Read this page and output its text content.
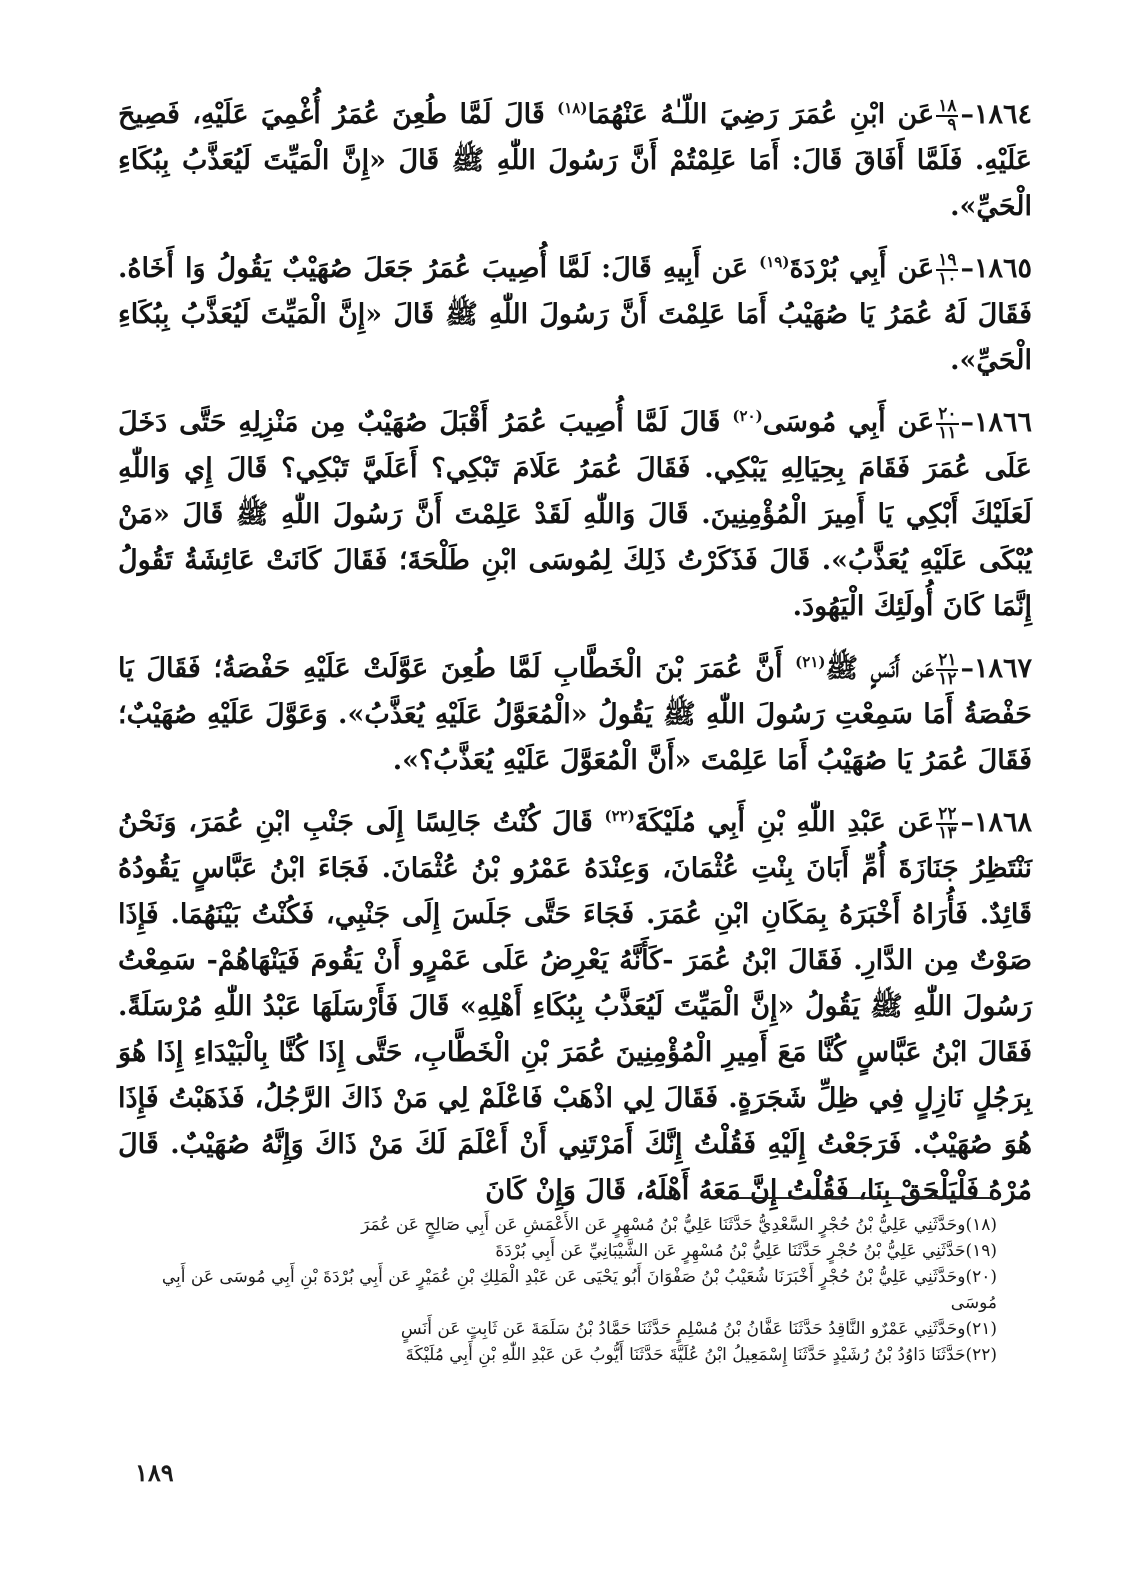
١٨٦٤–
$\frac{١٨}{٩}$
عَن ابْنِ عُمَرَ رَضِيَ اللّـٰهُ عَنْهُمَا$^{(١٨)}$ قَالَ لَمَّا طُعِنَ عُمَرُ أُغْمِيَ عَلَيْهِ، فَصِيحَ عَلَيْهِ. فَلَمَّا أَفَاقَ قَالَ: أَمَا عَلِمْتُمْ أَنَّ رَسُولَ اللّٰهِ ﷺ قَالَ «إِنَّ الْمَيِّتَ لَيُعَذَّبُ بِبُكَاءِ الْحَيِّ».

١٨٦٥–
$\frac{١٩}{١٠}$
عَن أَبِي بُرْدَةَ$^{(١٩)}$ عَن أَبِيهِ قَالَ: لَمَّا أُصِيبَ عُمَرُ جَعَلَ صُهَيْبٌ يَقُولُ وَا أَخَاهُ. فَقَالَ لَهُ عُمَرُ يَا صُهَيْبُ أَمَا عَلِمْتَ أَنَّ رَسُولَ اللّٰهِ ﷺ قَالَ «إِنَّ الْمَيِّتَ لَيُعَذَّبُ بِبُكَاءِ الْحَيِّ».

١٨٦٦–
$\frac{٢٠}{١١}$
عَن أَبِي مُوسَى$^{(٢٠)}$ قَالَ لَمَّا أُصِيبَ عُمَرُ أَقْبَلَ صُهَيْبٌ مِن مَنْزِلِهِ حَتَّى دَخَلَ عَلَى عُمَرَ فَقَامَ بِحِيَالِهِ يَبْكِي. فَقَالَ عُمَرُ عَلَامَ تَبْكِي؟ أَعَلَيَّ تَبْكِي؟ قَالَ إِي وَاللّٰهِ لَعَلَيْكَ أَبْكِي يَا أَمِيرَ الْمُؤْمِنِينَ. قَالَ وَاللّٰهِ لَقَدْ عَلِمْتَ أَنَّ رَسُولَ اللّٰهِ ﷺ قَالَ «مَنْ يُبْكَى عَلَيْهِ يُعَذَّبُ». قَالَ فَذَكَرْتُ ذَلِكَ لِمُوسَى ابْنِ طَلْحَةَ؛ فَقَالَ كَانَتْ عَائِشَةُ تَقُولُ إِنَّمَا كَانَ أُولَئِكَ الْيَهُودَ.

١٨٦٧–
$\frac{٢١}{١٢}$
عَن أَنَسٍ ﷺ$^{(٢١)}$ أَنَّ عُمَرَ بْنَ الْخَطَّابِ لَمَّا طُعِنَ عَوَّلَتْ عَلَيْهِ حَفْصَةُ؛ فَقَالَ يَا حَفْصَةُ أَمَا سَمِعْتِ رَسُولَ اللّٰهِ ﷺ يَقُولُ «الْمُعَوَّلُ عَلَيْهِ يُعَذَّبُ». وَعَوَّلَ عَلَيْهِ صُهَيْبٌ؛ فَقَالَ عُمَرُ يَا صُهَيْبُ أَمَا عَلِمْتَ «أَنَّ الْمُعَوَّلَ عَلَيْهِ يُعَذَّبُ؟».

١٨٦٨–
$\frac{٢٢}{١٣}$
عَن عَبْدِ اللّٰهِ بْنِ أَبِي مُلَيْكَةَ$^{(٢٢)}$ قَالَ كُنْتُ جَالِسًا إِلَى جَنْبِ ابْنِ عُمَرَ، وَنَحْنُ نَنْتَظِرُ جَنَازَةَ أُمِّ أَبَانَ بِنْتِ عُثْمَانَ، وَعِنْدَهُ عَمْرُو بْنُ عُثْمَانَ. فَجَاءَ ابْنُ عَبَّاسٍ يَقُودُهُ قَائِدٌ. فَأُرَاهُ أَخْبَرَهُ بِمَكَانِ ابْنِ عُمَرَ. فَجَاءَ حَتَّى جَلَسَ إِلَى جَنْبِي، فَكُنْتُ بَيْنَهُمَا. فَإِذَا صَوْتٌ مِن الدَّارِ. فَقَالَ ابْنُ عُمَرَ -كَأَنَّهُ يَعْرِضُ عَلَى عَمْرٍو أَنْ يَقُومَ فَيَنْهَاهُمْ- سَمِعْتُ رَسُولَ اللّٰهِ ﷺ يَقُولُ «إِنَّ الْمَيِّتَ لَيُعَذَّبُ بِبُكَاءِ أَهْلِهِ» قَالَ فَأَرْسَلَهَا عَبْدُ اللّٰهِ مُرْسَلَةً. فَقَالَ ابْنُ عَبَّاسٍ كُنَّا مَعَ أَمِيرِ الْمُؤْمِنِينَ عُمَرَ بْنِ الْخَطَّابِ، حَتَّى إِذَا كُنَّا بِالْبَيْدَاءِ إِذَا هُوَ بِرَجُلٍ نَازِلٍ فِي ظِلِّ شَجَرَةٍ. فَقَالَ لِي اذْهَبْ فَاعْلَمْ لِي مَنْ ذَاكَ الرَّجُلُ، فَذَهَبْتُ فَإِذَا هُوَ صُهَيْبٌ. فَرَجَعْتُ إِلَيْهِ فَقُلْتُ إِنَّكَ أَمَرْتَنِي أَنْ أَعْلَمَ لَكَ مَنْ ذَاكَ وَإِنَّهُ صُهَيْبٌ. قَالَ مُرْهُ فَلْيَلْحَقْ بِنَا، فَقُلْتُ إِنَّ مَعَهُ أَهْلَهُ، قَالَ وَإِنْ كَانَ

(١٨)وحَدَّثَنِي عَلِيُّ بْنُ حُجْرٍ السَّعْدِيُّ حَدَّثَنَا عَلِيُّ بْنُ مُسْهِرٍ عَن الأَعْمَشِ عَن أَبِي صَالِحٍ عَن عُمَرَ

(١٩)حَدَّثَنِي عَلِيُّ بْنُ حُجْرٍ حَدَّثَنَا عَلِيُّ بْنُ مُسْهِرٍ عَن الشَّيْبَانِيِّ عَن أَبِي بُرْدَةَ

(٢٠)وحَدَّثَنِي عَلِيُّ بْنُ حُجْرٍ أَخْبَرَنَا شُعَيْبُ بْنُ صَفْوَانَ أَبُو يَحْيَى عَن عَبْدِ الْمَلِكِ بْنِ عُمَيْرٍ عَن أَبِي بُرْدَةَ بْنِ أَبِي مُوسَى عَن أَبِي مُوسَى

(٢١)وحَدَّثَنِي عَمْرٌو النَّاقِدُ حَدَّثَنَا عَفَّانُ بْنُ مُسْلِمٍ حَدَّثَنَا حَمَّادُ بْنُ سَلَمَةَ عَن ثَابِتٍ عَن أَنَسٍ

(٢٢)حَدَّثَنَا دَاوُدُ بْنُ رُشَيْدٍ حَدَّثَنَا إِسْمَعِيلُ ابْنُ عُلَيَّةَ حَدَّثَنَا أَيُّوبُ عَن عَبْدِ اللّٰهِ بْنِ أَبِي مُلَيْكَةَ

١٨٩
